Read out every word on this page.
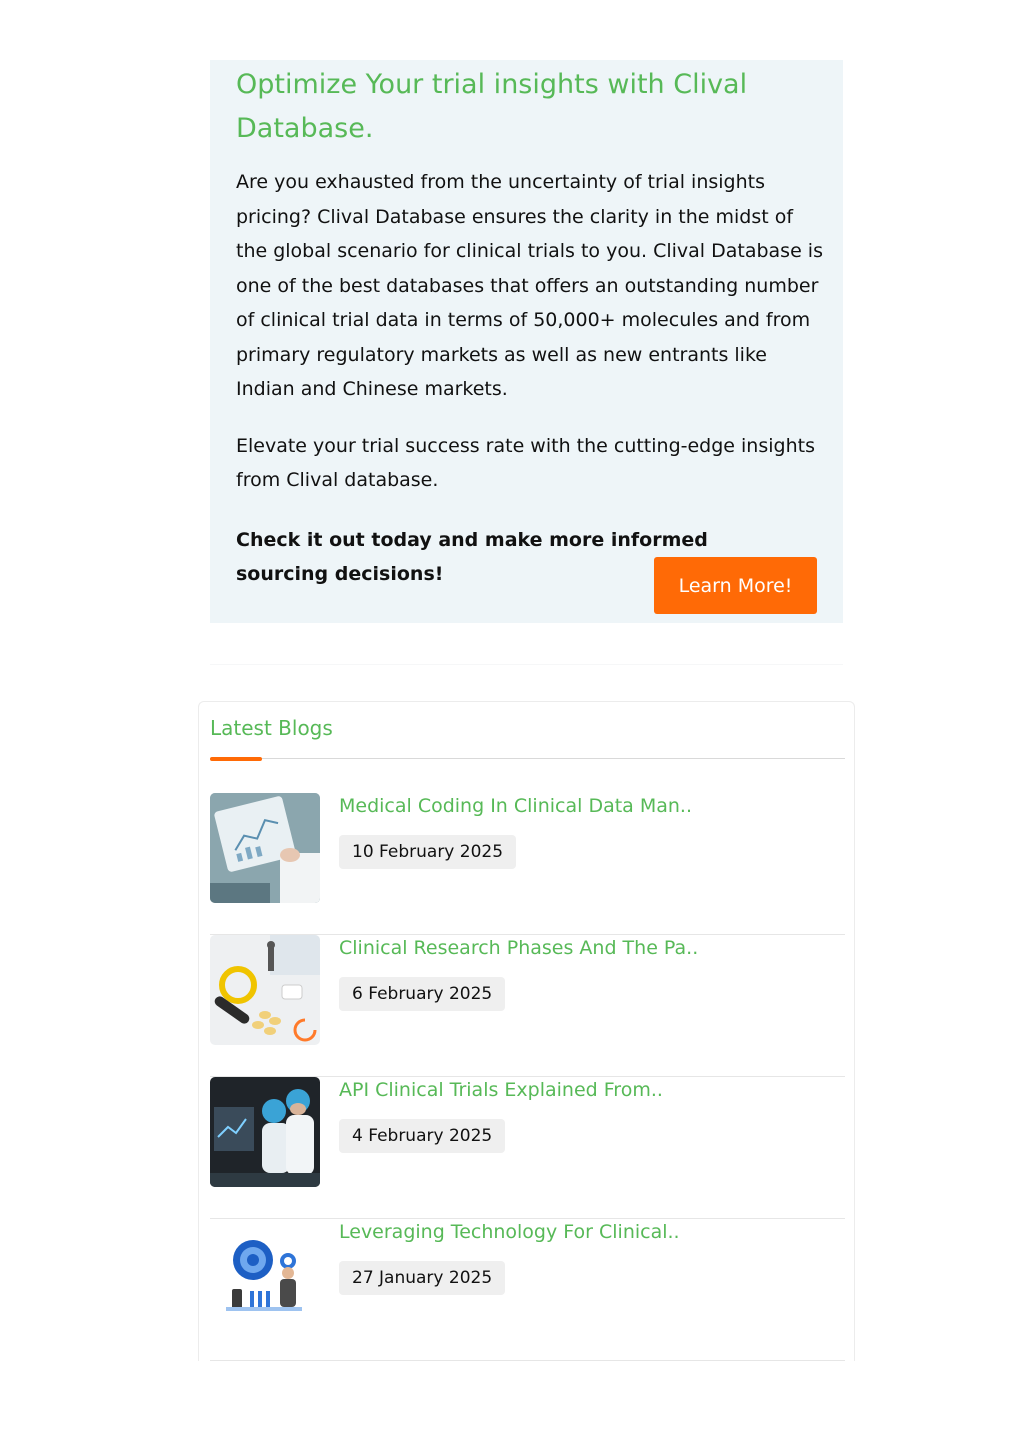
Optimize Your trial insights with Clival Database.

Are you exhausted from the uncertainty of trial insights pricing? Clival Database ensures the clarity in the midst of the global scenario for clinical trials to you. Clival Database is one of the best databases that offers an outstanding number of clinical trial data in terms of 50,000+ molecules and from primary regulatory markets as well as new entrants like Indian and Chinese markets.

Elevate your trial success rate with the cutting-edge insights from Clival database.

Check it out today and make more informed sourcing decisions!

Learn More!
Latest Blogs
Medical Coding In Clinical Data Man..
10 February 2025
Clinical Research Phases And The Pa..
6 February 2025
API Clinical Trials Explained From..
4 February 2025
Leveraging Technology For Clinical..
27 January 2025
